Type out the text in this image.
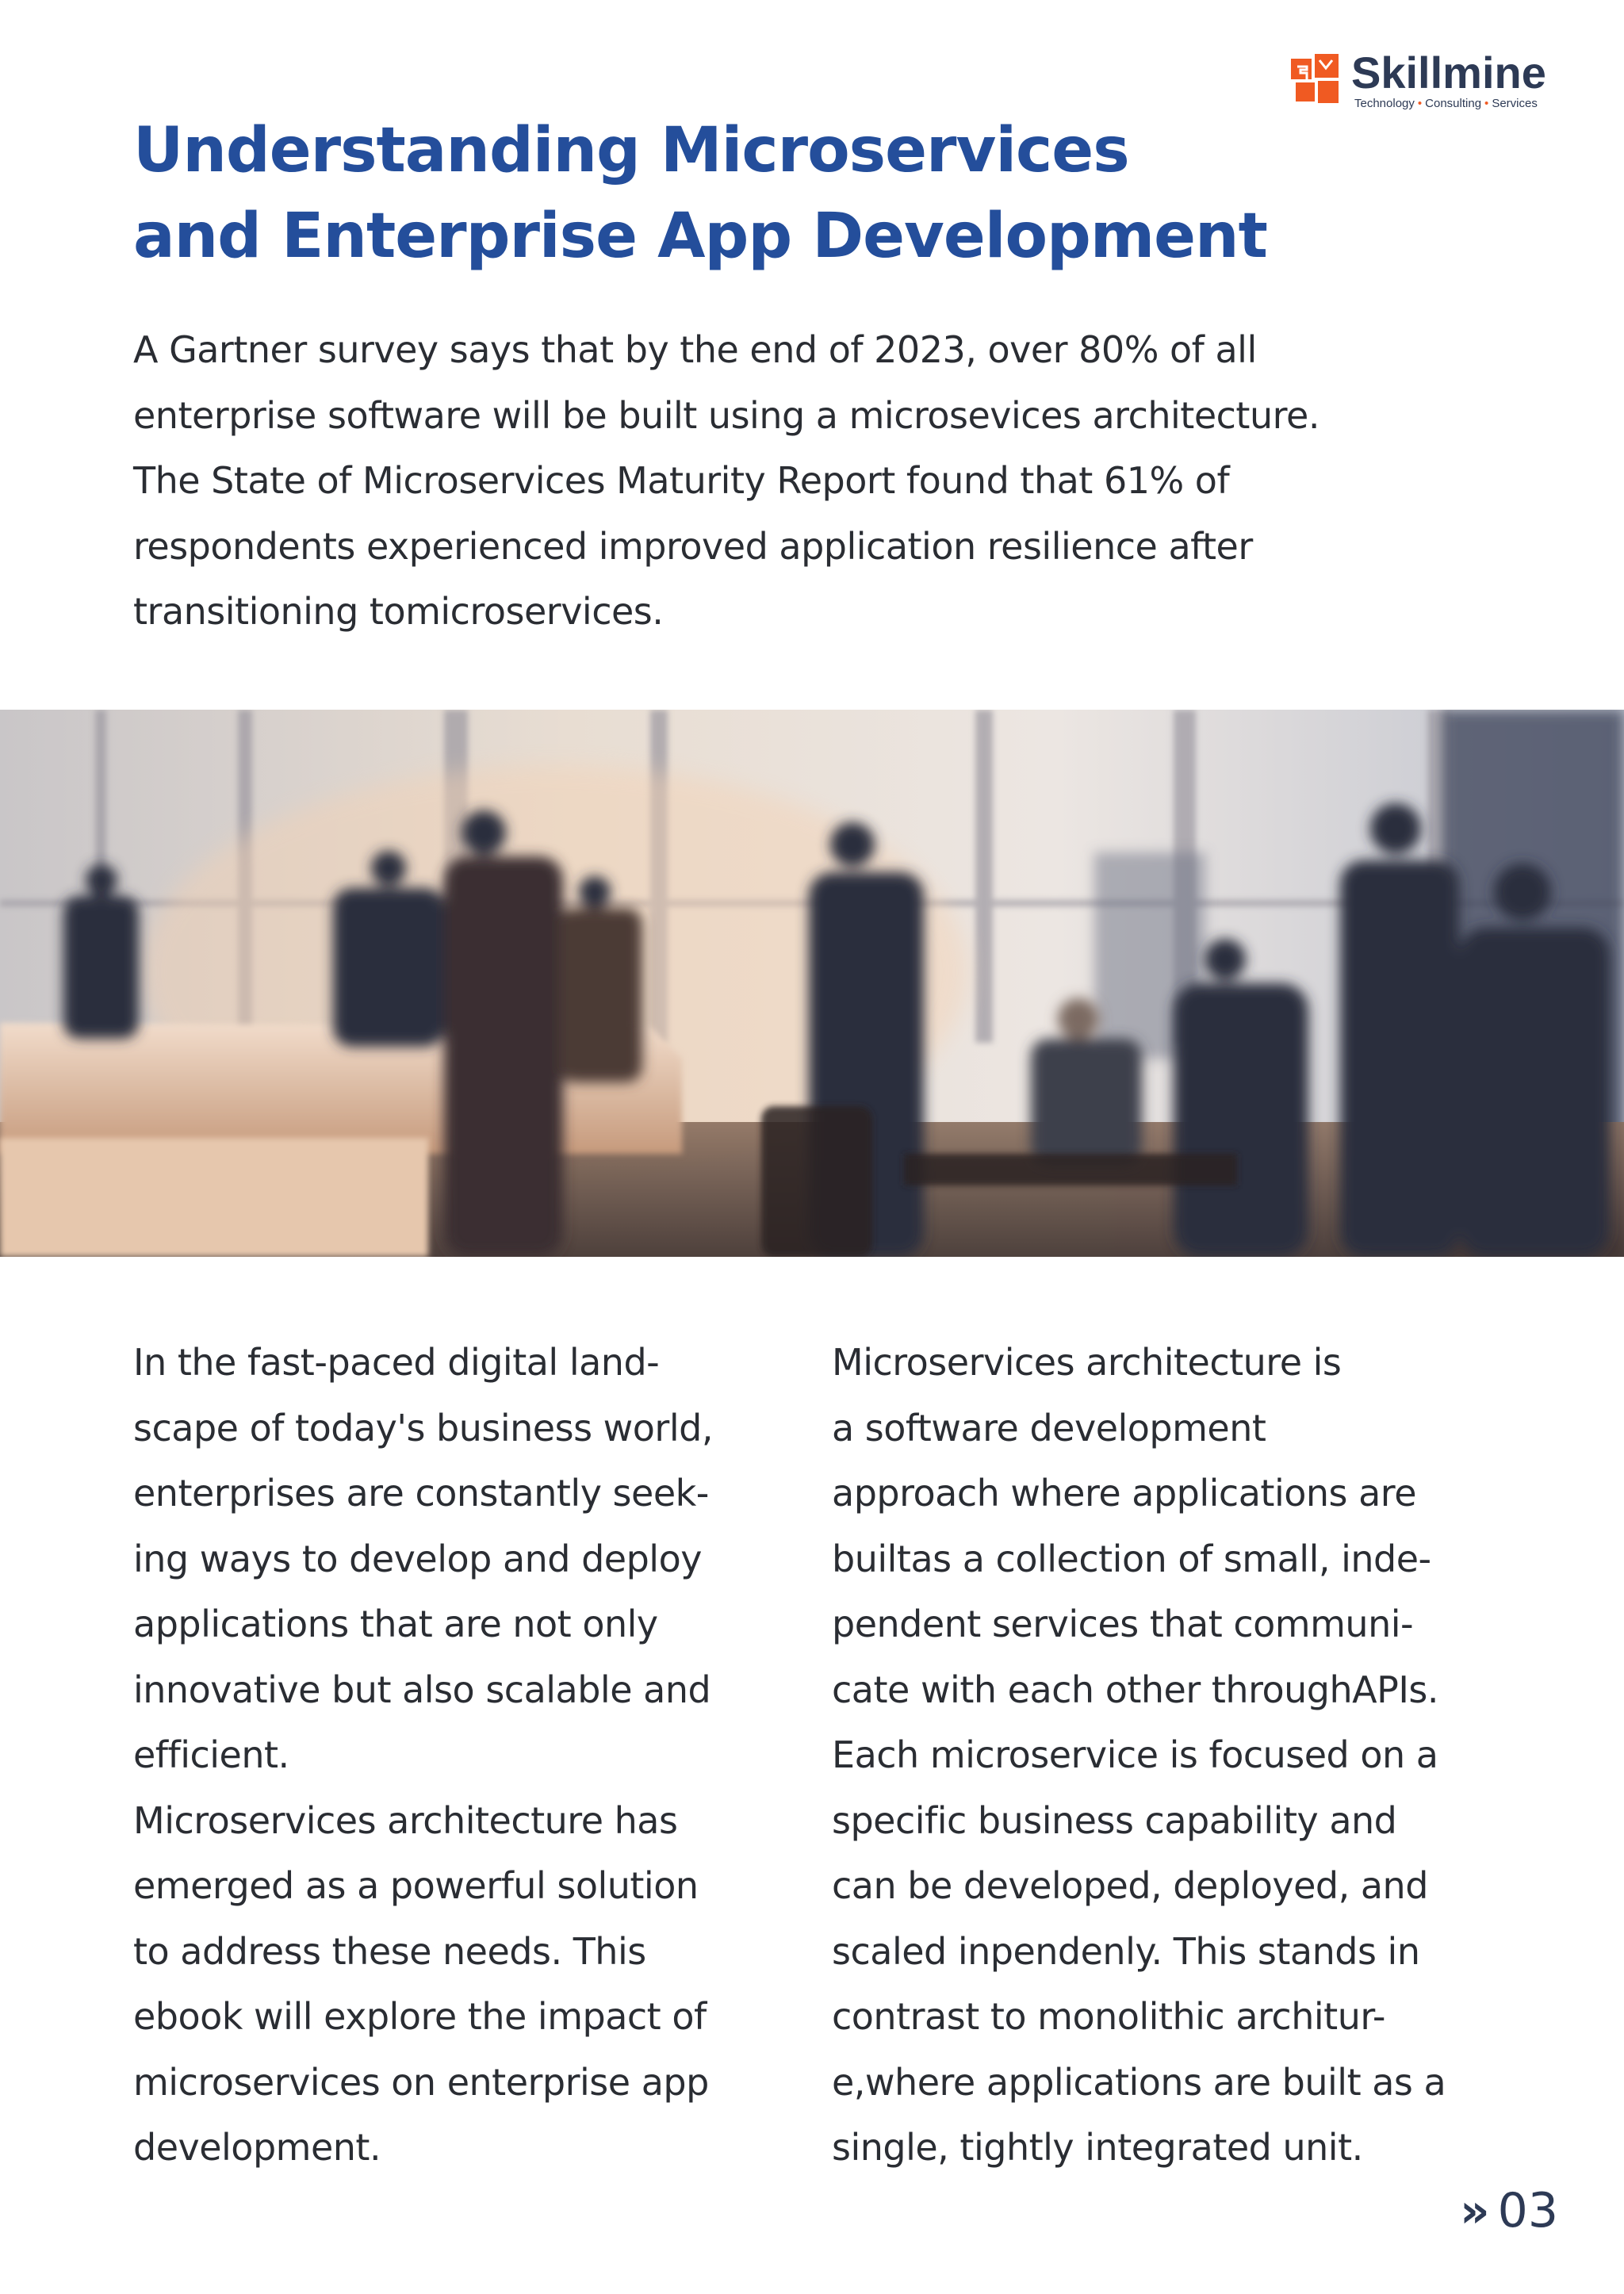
Skillmine
Technology • Consulting • Services
Understanding Microservices
and Enterprise App Development

A Gartner survey says that by the end of 2023, over 80% of all
enterprise software will be built using a microsevices architecture.
The State of Microservices Maturity Report found that 61% of
respondents experienced improved application resilience after
transitioning tomicroservices.

In the fast-paced digital land-
scape of today's business world,
enterprises are constantly seek-
ing ways to develop and deploy
applications that are not only
innovative but also scalable and
efficient.
Microservices architecture has
emerged as a powerful solution
to address these needs. This
ebook will explore the impact of
microservices on enterprise app
development.

Microservices architecture is
a software development
approach where applications are
builtas a collection of small, inde-
pendent services that communi-
cate with each other throughAPIs.
Each microservice is focused on a
specific business capability and
can be developed, deployed, and
scaled inpendenly. This stands in
contrast to monolithic architur-
e,where applications are built as a
single, tightly integrated unit.

» 03
